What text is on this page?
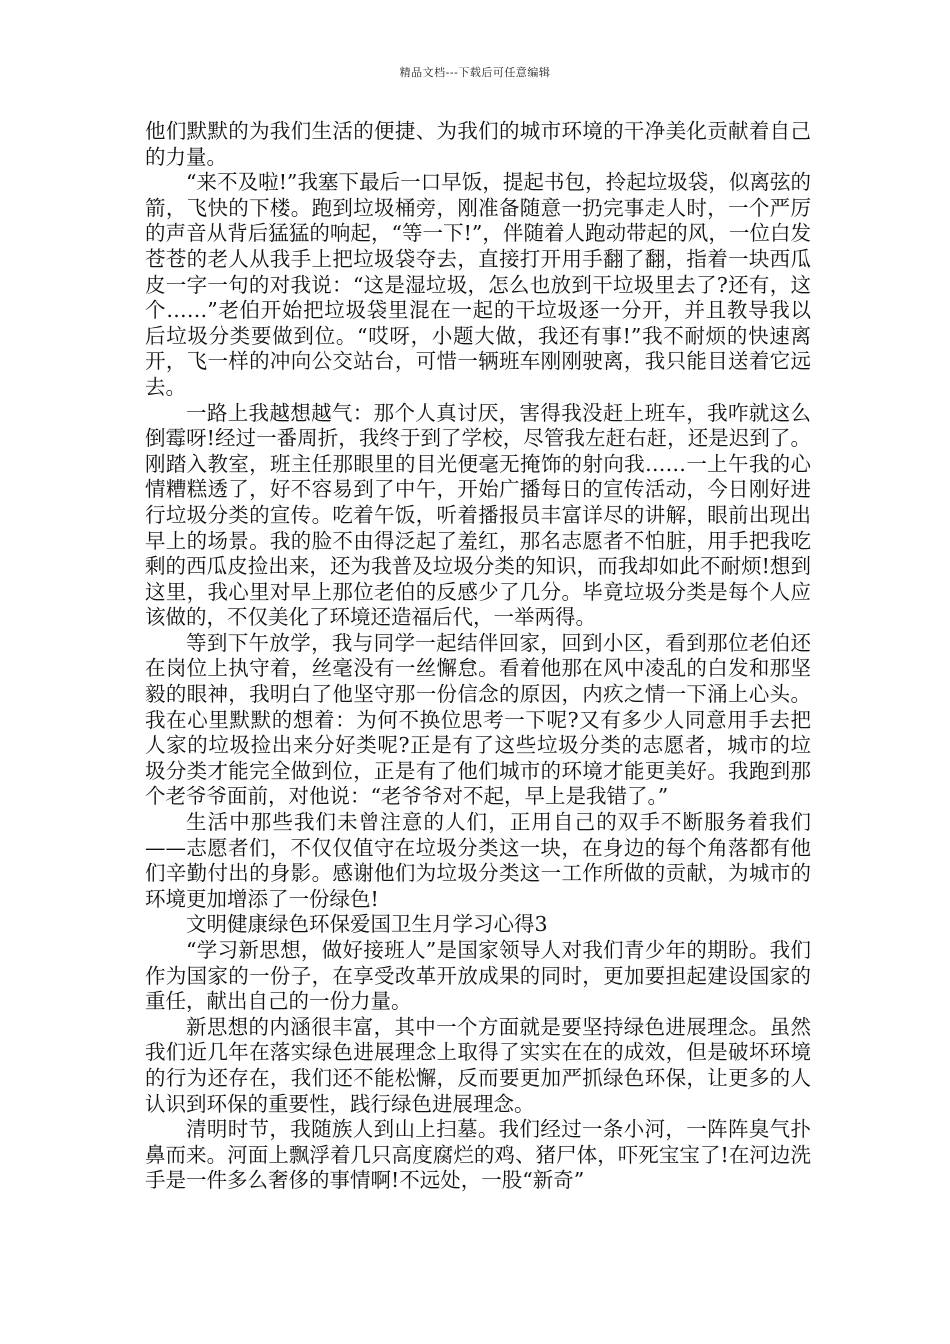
精品文档---下载后可任意编辑

他们默默的为我们生活的便捷、为我们的城市环境的干净美化贡献着自己的力量。

“来不及啦!”我塞下最后一口早饭，提起书包，拎起垃圾袋，似离弦的箭，飞快的下楼。跑到垃圾桶旁，刚准备随意一扔完事走人时，一个严厉的声音从背后猛猛的响起，“等一下!”，伴随着人跑动带起的风，一位白发苍苍的老人从我手上把垃圾袋夺去，直接打开用手翻了翻，指着一块西瓜皮一字一句的对我说：“这是湿垃圾，怎么也放到干垃圾里去了?还有，这个……”老伯开始把垃圾袋里混在一起的干垃圾逐一分开，并且教导我以后垃圾分类要做到位。“哎呀，小题大做，我还有事!”我不耐烦的快速离开，飞一样的冲向公交站台，可惜一辆班车刚刚驶离，我只能目送着它远去。

一路上我越想越气：那个人真讨厌，害得我没赶上班车，我咋就这么倒霉呀!经过一番周折，我终于到了学校，尽管我左赶右赶，还是迟到了。刚踏入教室，班主任那眼里的目光便毫无掩饰的射向我……一上午我的心情糟糕透了，好不容易到了中午，开始广播每日的宣传活动，今日刚好进行垃圾分类的宣传。吃着午饭，听着播报员丰富详尽的讲解，眼前出现出早上的场景。我的脸不由得泛起了羞红，那名志愿者不怕脏，用手把我吃剩的西瓜皮捡出来，还为我普及垃圾分类的知识，而我却如此不耐烦!想到这里，我心里对早上那位老伯的反感少了几分。毕竟垃圾分类是每个人应该做的，不仅美化了环境还造福后代，一举两得。

等到下午放学，我与同学一起结伴回家，回到小区，看到那位老伯还在岗位上执守着，丝毫没有一丝懈怠。看着他那在风中凌乱的白发和那坚毅的眼神，我明白了他坚守那一份信念的原因，内疚之情一下涌上心头。我在心里默默的想着：为何不换位思考一下呢?又有多少人同意用手去把人家的垃圾捡出来分好类呢?正是有了这些垃圾分类的志愿者，城市的垃圾分类才能完全做到位，正是有了他们城市的环境才能更美好。我跑到那个老爷爷面前，对他说：“老爷爷对不起，早上是我错了。”

生活中那些我们未曾注意的人们，正用自己的双手不断服务着我们——志愿者们，不仅仅值守在垃圾分类这一块，在身边的每个角落都有他们辛勤付出的身影。感谢他们为垃圾分类这一工作所做的贡献，为城市的环境更加增添了一份绿色!

文明健康绿色环保爱国卫生月学习心得3

“学习新思想，做好接班人”是国家领导人对我们青少年的期盼。我们作为国家的一份子，在享受改革开放成果的同时，更加要担起建设国家的重任，献出自己的一份力量。

新思想的内涵很丰富，其中一个方面就是要坚持绿色进展理念。虽然我们近几年在落实绿色进展理念上取得了实实在在的成效，但是破坏环境的行为还存在，我们还不能松懈，反而要更加严抓绿色环保，让更多的人认识到环保的重要性，践行绿色进展理念。

清明时节，我随族人到山上扫墓。我们经过一条小河，一阵阵臭气扑鼻而来。河面上飘浮着几只高度腐烂的鸡、猪尸体，吓死宝宝了!在河边洗手是一件多么奢侈的事情啊!不远处，一股“新奇”
